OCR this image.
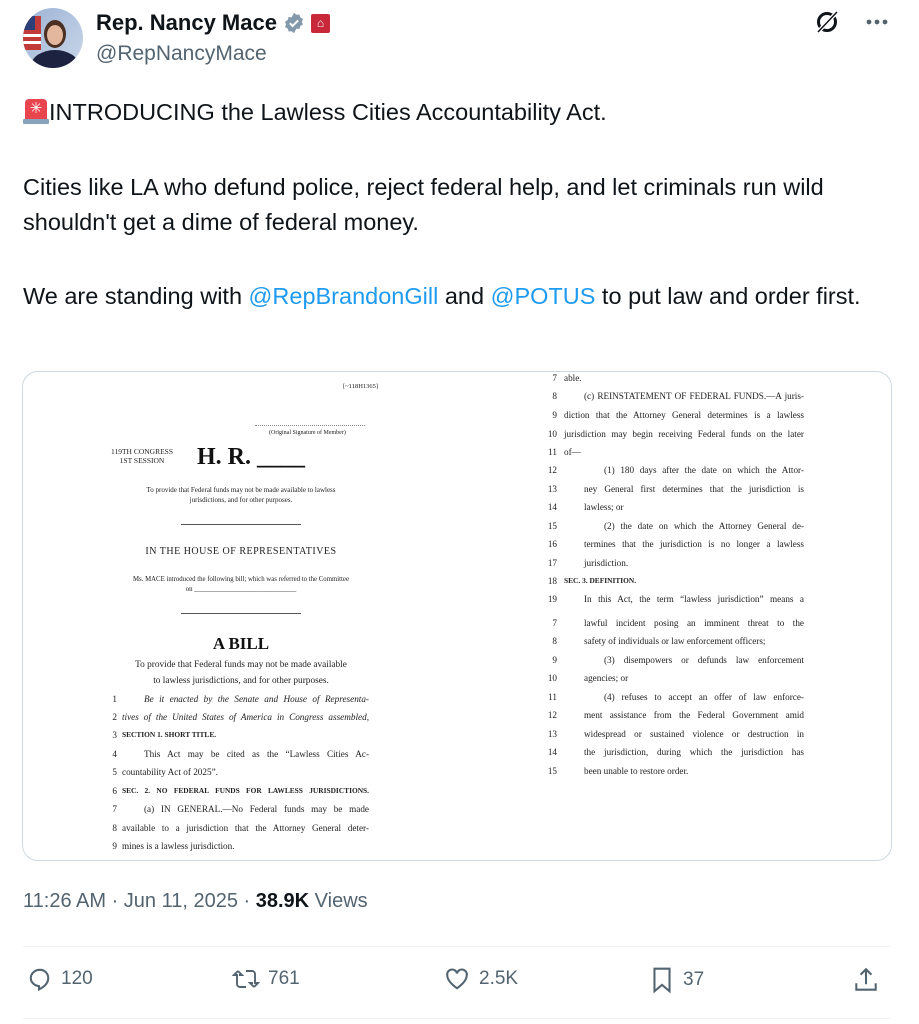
Rep. Nancy Mace	⌂
@RepNancyMace
✳ INTRODUCING the Lawless Cities Accountability Act.
Cities like LA who defund police, reject federal help, and let criminals run wild shouldn't get a dime of federal money.
We are standing with @RepBrandonGill and @POTUS to put law and order first.
[~118H1365]
(Original Signature of Member)
119TH CONGRESS
1ST SESSION	H. R. ____
To provide that Federal funds may not be made available to lawless
jurisdictions, and for other purposes.
IN THE HOUSE OF REPRESENTATIVES
Ms. MACE introduced the following bill; which was referred to the Committee
on ______________________________
A BILL
To provide that Federal funds may not be made available
to lawless jurisdictions, and for other purposes.
1	Be it enacted by the Senate and House of Representa-
2 tives of the United States of America in Congress assembled,
3 SECTION 1. SHORT TITLE.
4	This Act may be cited as the “Lawless Cities Ac-
5 countability Act of 2025”.
6 SEC. 2. NO FEDERAL FUNDS FOR LAWLESS JURISDICTIONS.
7	(a) IN GENERAL.—No Federal funds may be made
8 available to a jurisdiction that the Attorney General deter-
9 mines is a lawless jurisdiction.
7 able.
8	(c) REINSTATEMENT OF FEDERAL FUNDS.—A juris-
9 diction that the Attorney General determines is a lawless
10 jurisdiction may begin receiving Federal funds on the later
11 of—
12	(1) 180 days after the date on which the Attor-
13	ney General first determines that the jurisdiction is
14	lawless; or
15	(2) the date on which the Attorney General de-
16	termines that the jurisdiction is no longer a lawless
17	jurisdiction.
18 SEC. 3. DEFINITION.
19	In this Act, the term “lawless jurisdiction” means a
7	lawful incident posing an imminent threat to the
8	safety of individuals or law enforcement officers;
9	(3) disempowers or defunds law enforcement
10	agencies; or
11	(4) refuses to accept an offer of law enforce-
12	ment assistance from the Federal Government amid
13	widespread or sustained violence or destruction in
14	the jurisdiction, during which the jurisdiction has
15	been unable to restore order.
11:26 AM · Jun 11, 2025 · 38.9K Views
120	761	2.5K	37
